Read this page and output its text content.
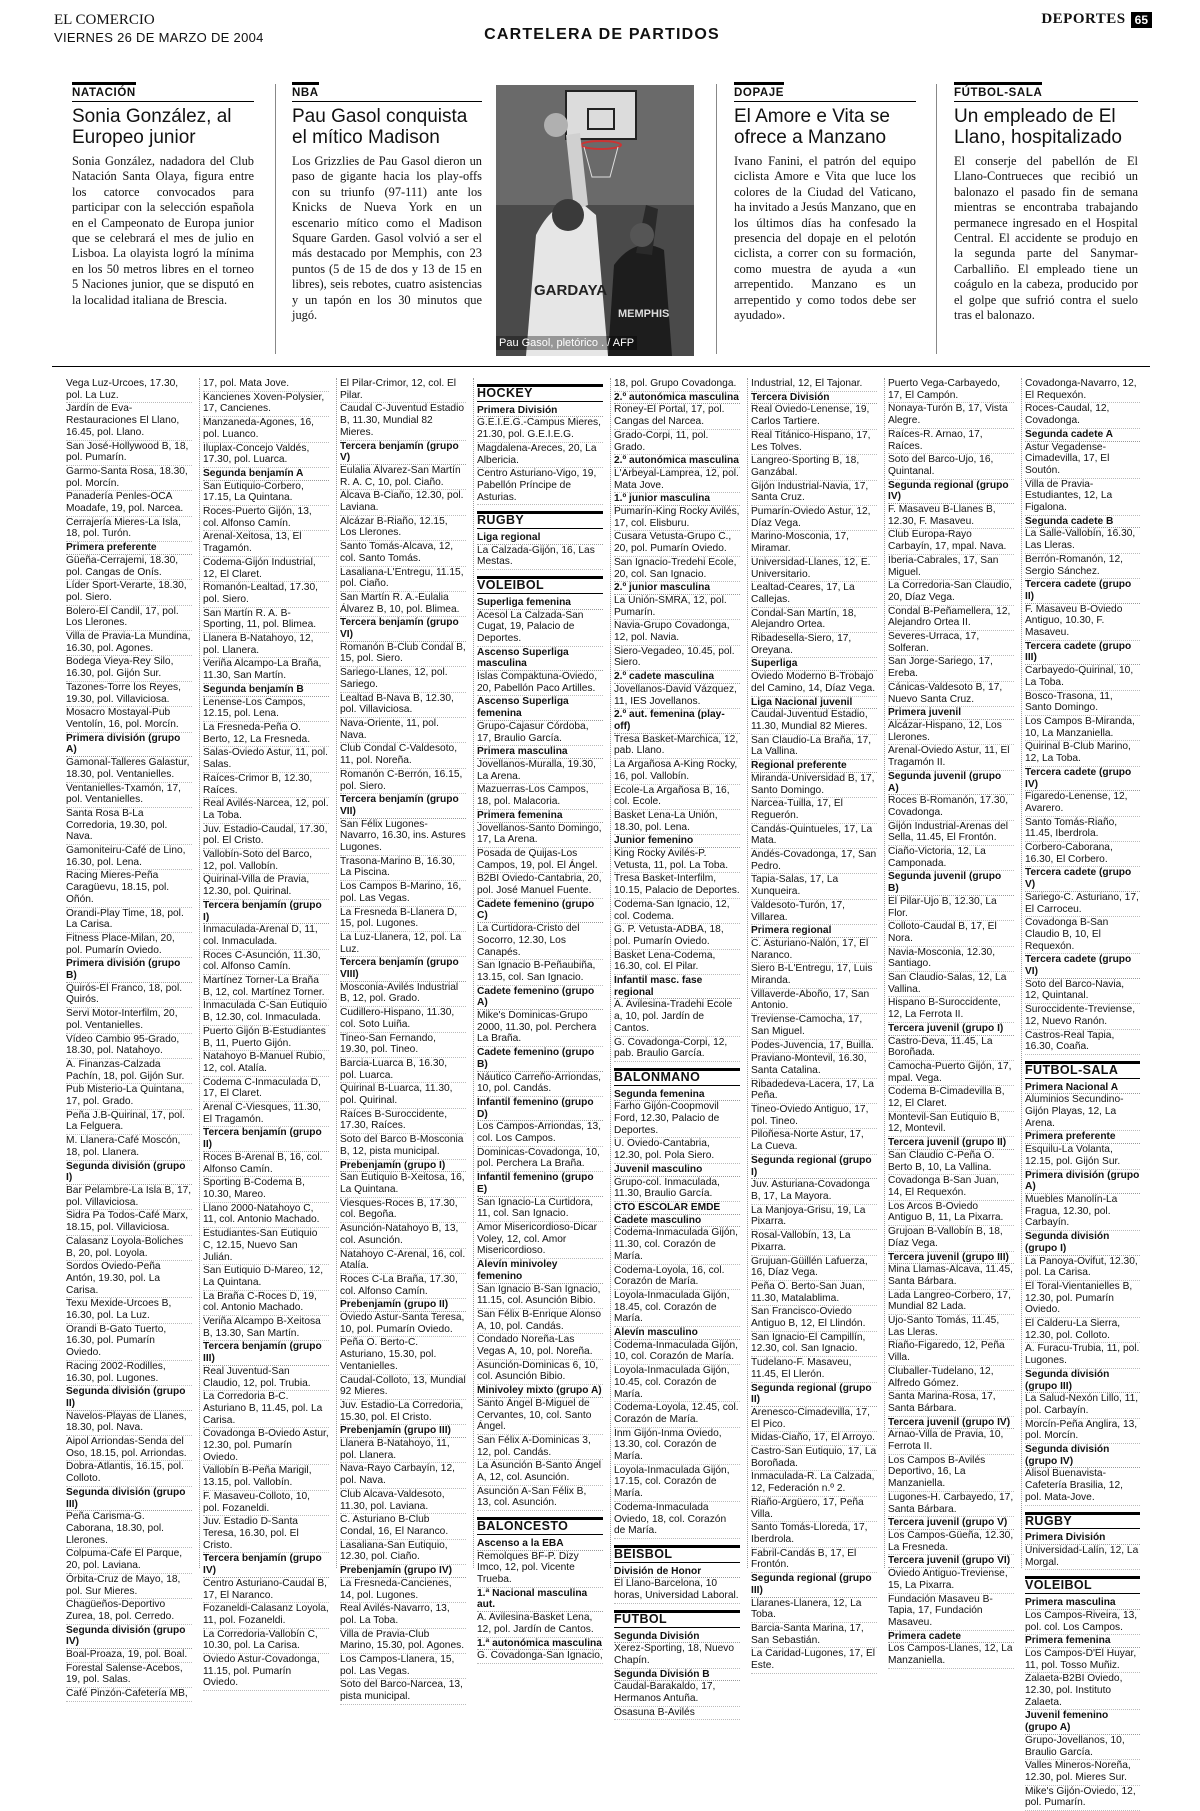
EL COMERCIO
VIERNES 26 DE MARZO DE 2004	CARTELERA DE PARTIDOS
DEPORTES 65
NATACIÓN
Sonia González, al Europeo junior

Sonia González, nadadora del Club Natación Santa Olaya, figura entre los catorce convocados para participar con la selección española en el Campeonato de Europa junior que se celebrará el mes de julio en Lisboa. La olayista logró la mínima en los 50 metros libres en el torneo 5 Naciones junior, que se disputó en la localidad italiana de Brescia.

NBA
Pau Gasol conquista el mítico Madison

Los Grizzlies de Pau Gasol dieron un paso de gigante hacia los play-offs con su triunfo (97-111) ante los Knicks de Nueva York en un escenario mítico como el Madison Square Garden. Gasol volvió a ser el más destacado por Memphis, con 23 puntos (5 de 15 de dos y 13 de 15 en libres), seis rebotes, cuatro asistencias y un tapón en los 30 minutos que jugó.

GARDAYA
MEMPHIS
Pau Gasol, pletórico . / AFP
DOPAJE
El Amore e Vita se ofrece a Manzano

Ivano Fanini, el patrón del equipo ciclista Amore e Vita que luce los colores de la Ciudad del Vaticano, ha invitado a Jesús Manzano, que en los últimos días ha confesado la presencia del dopaje en el pelotón ciclista, a correr con su formación, como muestra de ayuda a «un arrepentido. Manzano es un arrepentido y como todos debe ser ayudado».

FÚTBOL-SALA
Un empleado de El Llano, hospitalizado

El conserje del pabellón de El Llano-Contrueces que recibió un balonazo el pasado fin de semana mientras se encontraba trabajando permanece ingresado en el Hospital Central. El accidente se produjo en la segunda parte del Sanymar-Carballiño. El empleado tiene un coágulo en la cabeza, producido por el golpe que sufrió contra el suelo tras el balonazo.

Vega Luz-Urcoes, 17.30, pol. La Luz.
Jardín de Eva-Restauraciones El Llano, 16.45, pol. Llano.
San José-Hollywood B, 18, pol. Pumarín.
Garmo-Santa Rosa, 18.30, pol. Morcín.
Panadería Penles-OCA Moadafe, 19, pol. Narcea.
Cerrajería Mieres-La Isla, 18, pol. Turón.
Primera preferente
Güeña-Cerrajemi, 18.30, pol. Cangas de Onís.
Líder Sport-Verarte, 18.30, pol. Siero.
Bolero-El Candil, 17, pol. Los Llerones.
Villa de Pravia-La Mundina, 16.30, pol. Agones.
Bodega Vieya-Rey Silo, 16.30, pol. Gijón Sur.
Tazones-Torre los Reyes, 19.30, pol. Villaviciosa.
Mosacro Mostayal-Pub Ventolín, 16, pol. Morcín.
Primera división (grupo A)
Gamonal-Talleres Galastur, 18.30, pol. Ventanielles.
Ventanielles-Txamón, 17, pol. Ventanielles.
Santa Rosa B-La Corredoria, 19.30, pol. Nava.
Gamoniteiru-Café de Lino, 16.30, pol. Lena.
Racing Mieres-Peña Caragüevu, 18.15, pol. Oñón.
Orandi-Play Time, 18, pol. La Carisa.
Fitness Place-Milan, 20, pol. Pumarín Oviedo.
Primera división (grupo B)
Quirós-El Franco, 18, pol. Quirós.
Servi Motor-Interfilm, 20, pol. Ventanielles.
Vídeo Cambio 95-Grado, 18.30, pol. Natahoyo.
A. Finanzas-Calzada Pachín, 18, pol. Gijón Sur.
Pub Misterio-La Quintana, 17, pol. Grado.
Peña J.B-Quirinal, 17, pol. La Felguera.
M. Llanera-Café Moscón, 18, pol. Llanera.
Segunda división (grupo I)
Bar Pelambre-La Isla B, 17, pol. Villaviciosa.
Sidra Pa Todos-Café Marx, 18.15, pol. Villaviciosa.
Calasanz Loyola-Boliches B, 20, pol. Loyola.
Sordos Oviedo-Peña Antón, 19.30, pol. La Carisa.
Texu Mexide-Urcoes B, 16.30, pol. La Luz.
Orandi B-Gato Tuerto, 16.30, pol. Pumarín Oviedo.
Racing 2002-Rodilles, 16.30, pol. Lugones.
Segunda división (grupo II)
Navelos-Playas de Llanes, 18.30, pol. Nava.
Aipol Arriondas-Senda del Oso, 18.15, pol. Arriondas.
Dobra-Atlantis, 16.15, pol. Colloto.
Segunda división (grupo III)
Peña Carisma-G. Caborana, 18.30, pol. Llerones.
Colpuma-Cafe El Parque, 20, pol. Laviana.
Órbita-Cruz de Mayo, 18, pol. Sur Mieres.
Chagüeños-Deportivo Zurea, 18, pol. Cerredo.
Segunda división (grupo IV)
Boal-Proaza, 19, pol. Boal.
Forestal Salense-Acebos, 19, pol. Salas.
Café Pinzón-Cafetería MB,
17, pol. Mata Jove.
Kancienes Xoven-Polysier, 17, Cancienes.
Manzaneda-Agones, 16, pol. Luanco.
Iluplax-Concejo Valdés, 17.30, pol. Luarca.
Segunda benjamín A
San Eutiquio-Corbero, 17.15, La Quintana.
Roces-Puerto Gijón, 13, col. Alfonso Camín.
Arenal-Xeitosa, 13, El Tragamón.
Codema-Gijón Industrial, 12, El Claret.
Romanón-Lealtad, 17.30, pol. Siero.
San Martín R. A. B-Sporting, 11, pol. Blimea.
Llanera B-Natahoyo, 12, pol. Llanera.
Veriña Alcampo-La Braña, 11.30, San Martín.
Segunda benjamín B
Lenense-Los Campos, 12.15, pol. Lena.
La Fresneda-Peña O. Berto, 12, La Fresneda.
Salas-Oviedo Astur, 11, pol. Salas.
Raíces-Crimor B, 12.30, Raíces.
Real Avilés-Narcea, 12, pol. La Toba.
Juv. Estadio-Caudal, 17.30, pol. El Cristo.
Vallobín-Soto del Barco, 12, pol. Vallobín.
Quirinal-Villa de Pravia, 12.30, pol. Quirinal.
Tercera benjamín (grupo I)
Inmaculada-Arenal D, 11, col. Inmaculada.
Roces C-Asunción, 11.30, col. Alfonso Camín.
Martínez Torner-La Braña B, 12, col. Martínez Torner.
Inmaculada C-San Eutiquio B, 12.30, col. Inmaculada.
Puerto Gijón B-Estudiantes B, 11, Puerto Gijón.
Natahoyo B-Manuel Rubio, 12, col. Atalía.
Codema C-Inmaculada D, 17, El Claret.
Arenal C-Viesques, 11.30, El Tragamón.
Tercera benjamín (grupo II)
Roces B-Arenal B, 16, col. Alfonso Camín.
Sporting B-Codema B, 10.30, Mareo.
Llano 2000-Natahoyo C, 11, col. Antonio Machado.
Estudiantes-San Eutiquio C, 12.15, Nuevo San Julián.
San Eutiquio D-Mareo, 12, La Quintana.
La Braña C-Roces D, 19, col. Antonio Machado.
Veriña Alcampo B-Xeitosa B, 13.30, San Martín.
Tercera benjamín (grupo III)
Real Juventud-San Claudio, 12, pol. Trubia.
La Corredoria B-C. Asturiano B, 11.45, pol. La Carisa.
Covadonga B-Oviedo Astur, 12.30, pol. Pumarín Oviedo.
Vallobín B-Peña Marigil, 13.15, pol. Vallobín.
F. Masaveu-Colloto, 10, pol. Fozaneldi.
Juv. Estadio D-Santa Teresa, 16.30, pol. El Cristo.
Tercera benjamín (grupo IV)
Centro Asturiano-Caudal B, 17, El Naranco.
Fozaneldi-Calasanz Loyola, 11, pol. Fozaneldi.
La Corredoria-Vallobín C, 10.30, pol. La Carisa.
Oviedo Astur-Covadonga, 11.15, pol. Pumarín Oviedo.
El Pilar-Crimor, 12, col. El Pilar.
Caudal C-Juventud Estadio B, 11.30, Mundial 82 Mieres.
Tercera benjamín (grupo V)
Eulalia Álvarez-San Martín R. A. C, 10, pol. Ciaño.
Alcava B-Ciaño, 12.30, pol. Laviana.
Alcázar B-Riaño, 12.15, Los Llerones.
Santo Tomás-Alcava, 12, col. Santo Tomás.
Lasaliana-L'Entregu, 11.15, pol. Ciaño.
San Martín R. A.-Eulalia Álvarez B, 10, pol. Blimea.
Tercera benjamín (grupo VI)
Romanón B-Club Condal B, 15, pol. Siero.
Sariego-Llanes, 12, pol. Sariego.
Lealtad B-Nava B, 12.30, pol. Villaviciosa.
Nava-Oriente, 11, pol. Nava.
Club Condal C-Valdesoto, 11, pol. Noreña.
Romanón C-Berrón, 16.15, pol. Siero.
Tercera benjamín (grupo VII)
San Félix Lugones-Navarro, 16.30, ins. Astures Lugones.
Trasona-Marino B, 16.30, La Piscina.
Los Campos B-Marino, 16, pol. Las Vegas.
La Fresneda B-Llanera D, 15, pol. Lugones.
La Luz-Llanera, 12, pol. La Luz.
Tercera benjamín (grupo VIII)
Mosconia-Avilés Industrial B, 12, pol. Grado.
Cudillero-Hispano, 11.30, col. Soto Luiña.
Tineo-San Fernando, 19.30, pol. Tineo.
Barcia-Luarca B, 16.30, pol. Luarca.
Quirinal B-Luarca, 11.30, pol. Quirinal.
Raíces B-Suroccidente, 17.30, Raíces.
Soto del Barco B-Mosconia B, 12, pista municipal.
Prebenjamín (grupo I)
San Eutiquio B-Xeitosa, 16, La Quintana.
Viesques-Roces B, 17.30, col. Begoña.
Asunción-Natahoyo B, 13, col. Asunción.
Natahoyo C-Arenal, 16, col. Atalía.
Roces C-La Braña, 17.30, col. Alfonso Camín.
Prebenjamín (grupo II)
Oviedo Astur-Santa Teresa, 10, pol. Pumarín Oviedo.
Peña O. Berto-C. Asturiano, 15.30, pol. Ventanielles.
Caudal-Colloto, 13, Mundial 92 Mieres.
Juv. Estadio-La Corredoria, 15.30, pol. El Cristo.
Prebenjamín (grupo III)
Llanera B-Natahoyo, 11, pol. Llanera.
Nava-Rayo Carbayín, 12, pol. Nava.
Club Alcava-Valdesoto, 11.30, pol. Laviana.
C. Asturiano B-Club Condal, 16, El Naranco.
Lasaliana-San Eutiquio, 12.30, pol. Ciaño.
Prebenjamín (grupo IV)
La Fresneda-Cancienes, 14, pol. Lugones.
Real Avilés-Navarro, 13, pol. La Toba.
Villa de Pravia-Club Marino, 15.30, pol. Agones.
Los Campos-Llanera, 15, pol. Las Vegas.
Soto del Barco-Narcea, 13, pista municipal.
HOCKEY
Primera División
G.E.I.E.G.-Campus Mieres, 21.30, pol. G.E.I.E.G.
Magdalena-Areces, 20, La Albericia.
Centro Asturiano-Vigo, 19, Pabellón Príncipe de Asturias.
RUGBY
Liga regional
La Calzada-Gijón, 16, Las Mestas.
VOLEIBOL
Superliga femenina
Acesol La Calzada-San Cugat, 19, Palacio de Deportes.
Ascenso Superliga masculina
Islas Compaktuna-Oviedo, 20, Pabellón Paco Artilles.
Ascenso Superliga femenina
Grupo-Cajasur Córdoba, 17, Braulio García.
Primera masculina
Jovellanos-Muralla, 19.30, La Arena.
Mazuerras-Los Campos, 18, pol. Malacoria.
Primera femenina
Jovellanos-Santo Domingo, 17, La Arena.
Posada de Quijas-Los Campos, 19, pol. El Ángel.
B2BI Oviedo-Cantabria, 20, pol. José Manuel Fuente.
Cadete femenino (grupo C)
La Curtidora-Cristo del Socorro, 12.30, Los Canapés.
San Ignacio B-Peñaubiña, 13.15, col. San Ignacio.
Cadete femenino (grupo A)
Mike's Dominicas-Grupo 2000, 11.30, pol. Perchera La Braña.
Cadete femenino (grupo B)
Náutico Carreño-Arriondas, 10, pol. Candás.
Infantil femenino (grupo D)
Los Campos-Arriondas, 13, col. Los Campos.
Dominicas-Covadonga, 10, pol. Perchera La Braña.
Infantil femenino (grupo E)
San Ignacio-La Curtidora, 11, col. San Ignacio.
Amor Misericordioso-Dicar Voley, 12, col. Amor Misericordioso.
Alevín minivoley femenino
San Ignacio B-San Ignacio, 11.15, col. Asunción Bibio.
San Félix B-Enrique Alonso A, 10, pol. Candás.
Condado Noreña-Las Vegas A, 10, pol. Noreña.
Asunción-Dominicas 6, 10, col. Asunción Bibio.
Minivoley mixto (grupo A)
Santo Ángel B-Miguel de Cervantes, 10, col. Santo Ángel.
San Félix A-Dominicas 3, 12, pol. Candás.
La Asunción B-Santo Ángel A, 12, col. Asunción.
Asunción A-San Félix B, 13, col. Asunción.
BALONCESTO
Ascenso a la EBA
Remolques BF-P. Dizy Imco, 12, pol. Vicente Trueba.
1.ª Nacional masculina aut.
A. Avilesina-Basket Lena, 12, pol. Jardín de Cantos.
1.ª autonómica masculina
G. Covadonga-San Ignacio,
18, pol. Grupo Covadonga.
2.º autonómica masculina
Roney-El Portal, 17, pol. Cangas del Narcea.
Grado-Corpi, 11, pol. Grado.
2.º autonómica masculina
L'Arbeyal-Lamprea, 12, pol. Mata Jove.
1.º junior masculina
Pumarín-King Rocky Avilés, 17, col. Elisburu.
Cusara Vetusta-Grupo C., 20, pol. Pumarín Oviedo.
San Ignacio-Tredehi Ecole, 20, col. San Ignacio.
2.º junior masculina
La Unión-SMRA, 12, pol. Pumarín.
Navia-Grupo Covadonga, 12, pol. Navia.
Siero-Vegadeo, 10.45, pol. Siero.
2.º cadete masculina
Jovellanos-David Vázquez, 11, IES Jovellanos.
2.º aut. femenina (play-off)
Tresa Basket-Marchica, 12, pab. Llano.
La Argañosa A-King Rocky, 16, pol. Vallobín.
Ecole-La Argañosa B, 16, col. Ecole.
Basket Lena-La Unión, 18.30, pol. Lena.
Junior femenino
King Rocky Avilés-P. Vetusta, 11, pol. La Toba.
Tresa Basket-Interfilm, 10.15, Palacio de Deportes.
Codema-San Ignacio, 12, col. Codema.
G. P. Vetusta-ADBA, 18, pol. Pumarín Oviedo.
Basket Lena-Codema, 16.30, col. El Pilar.
Infantil masc. fase regional
A. Avilesina-Tradehi Ecole a, 10, pol. Jardín de Cantos.
G. Covadonga-Corpi, 12, pab. Braulio García.
BALONMANO
Segunda femenina
Farho Gijón-Coopmovil Ford, 12.30, Palacio de Deportes.
U. Oviedo-Cantabria, 12.30, pol. Pola Siero.
Juvenil masculino
Grupo-col. Inmaculada, 11.30, Braulio García.
CTO ESCOLAR EMDE
Cadete masculino
Codema-Inmaculada Gijón, 11.30, col. Corazón de María.
Codema-Loyola, 16, col. Corazón de María.
Loyola-Inmaculada Gijón, 18.45, col. Corazón de María.
Alevín masculino
Codema-Inmaculada Gijón, 10, col. Corazón de María.
Loyola-Inmaculada Gijón, 10.45, col. Corazón de María.
Codema-Loyola, 12.45, col. Corazón de María.
Inm Gijón-Inma Oviedo, 13.30, col. Corazón de María.
Loyola-Inmaculada Gijón, 17.15, col. Corazón de María.
Codema-Inmaculada Oviedo, 18, col. Corazón de María.
BÉISBOL
División de Honor
El Llano-Barcelona, 10 horas, Universidad Laboral.
FÚTBOL
Segunda División
Xerez-Sporting, 18, Nuevo Chapín.
Segunda División B
Caudal-Barakaldo, 17, Hermanos Antuña.
Osasuna B-Avilés
Industrial, 12, El Tajonar.
Tercera División
Real Oviedo-Lenense, 19, Carlos Tartiere.
Real Titánico-Hispano, 17, Les Tolves.
Langreo-Sporting B, 18, Ganzábal.
Gijón Industrial-Navia, 17, Santa Cruz.
Pumarín-Oviedo Astur, 12, Díaz Vega.
Marino-Mosconia, 17, Miramar.
Universidad-Llanes, 12, E. Universitario.
Lealtad-Ceares, 17, La Callejas.
Condal-San Martín, 18, Alejandro Ortea.
Ribadesella-Siero, 17, Oreyana.
Superliga
Oviedo Moderno B-Trobajo del Camino, 14, Díaz Vega.
Liga Nacional juvenil
Caudal-Juventud Estadio, 11.30, Mundial 82 Mieres.
San Claudio-La Braña, 17, La Vallina.
Regional preferente
Miranda-Universidad B, 17, Santo Domingo.
Narcea-Tuilla, 17, El Reguerón.
Candás-Quintueles, 17, La Mata.
Andés-Covadonga, 17, San Pedro.
Tapia-Salas, 17, La Xunqueira.
Valdesoto-Turón, 17, Villarea.
Primera regional
C. Asturiano-Nalón, 17, El Naranco.
Siero B-L'Entregu, 17, Luis Miranda.
Villaverde-Aboño, 17, San Antonio.
Treviense-Camocha, 17, San Miguel.
Podes-Juvencia, 17, Builla.
Praviano-Montevil, 16.30, Santa Catalina.
Ribadedeva-Lacera, 17, La Peña.
Tineo-Oviedo Antiguo, 17, pol. Tineo.
Piloñesa-Norte Astur, 17, La Cueva.
Segunda regional (grupo I)
Juv. Asturiana-Covadonga B, 17, La Mayora.
La Manjoya-Grisu, 19, La Pixarra.
Rosal-Vallobín, 13, La Pixarra.
Grujuan-Güillén Lafuerza, 16, Díaz Vega.
Peña O. Berto-San Juan, 11.30, Matalablima.
San Francisco-Oviedo Antiguo B, 12, El Llindón.
San Ignacio-El Campillín, 12.30, col. San Ignacio.
Tudelano-F. Masaveu, 11.45, El Llerón.
Segunda regional (grupo II)
Arenesco-Cimadevilla, 17, El Pico.
Midas-Ciaño, 17, El Arroyo.
Castro-San Eutiquio, 17, La Boroñada.
Inmaculada-R. La Calzada, 12, Federación n.º 2.
Riaño-Argüero, 17, Peña Villa.
Santo Tomás-Lloreda, 17, Iberdrola.
Fabril-Candás B, 17, El Frontón.
Segunda regional (grupo III)
Llaranes-Llanera, 12, La Toba.
Barcia-Santa Marina, 17, San Sebastián.
La Caridad-Lugones, 17, El Este.
Puerto Vega-Carbayedo, 17, El Campón.
Nonaya-Turón B, 17, Vista Alegre.
Raíces-R. Arnao, 17, Raíces.
Soto del Barco-Ujo, 16, Quintanal.
Segunda regional (grupo IV)
F. Masaveu B-Llanes B, 12.30, F. Masaveu.
Club Europa-Rayo Carbayín, 17, mpal. Nava.
Iberia-Cabrales, 17, San Miguel.
La Corredoria-San Claudio, 20, Díaz Vega.
Condal B-Peñamellera, 12, Alejandro Ortea II.
Severes-Urraca, 17, Solferan.
San Jorge-Sariego, 17, Ereba.
Cánicas-Valdesoto B, 17, Nuevo Santa Cruz.
Primera juvenil
Alcázar-Hispano, 12, Los Llerones.
Arenal-Oviedo Astur, 11, El Tragamón II.
Segunda juvenil (grupo A)
Roces B-Romanón, 17.30, Covadonga.
Gijón Industrial-Arenas del Sella, 11.45, El Frontón.
Ciaño-Victoria, 12, La Camponada.
Segunda juvenil (grupo B)
El Pilar-Ujo B, 12.30, La Flor.
Colloto-Caudal B, 17, El Nora.
Navia-Mosconia, 12.30, Santiago.
San Claudio-Salas, 12, La Vallina.
Hispano B-Suroccidente, 12, La Ferrota II.
Tercera juvenil (grupo I)
Castro-Deva, 11.45, La Boroñada.
Camocha-Puerto Gijón, 17, mpal. Vega.
Codema B-Cimadevilla B, 12, El Claret.
Montevil-San Eutiquio B, 12, Montevil.
Tercera juvenil (grupo II)
San Claudio C-Peña O. Berto B, 10, La Vallina.
Covadonga B-San Juan, 14, El Requexón.
Los Arcos B-Oviedo Antiguo B, 11, La Pixarra.
Grujoan B-Vallobín B, 18, Díaz Vega.
Tercera juvenil (grupo III)
Mina Llamas-Alcava, 11.45, Santa Bárbara.
Lada Langreo-Corbero, 17, Mundial 82 Lada.
Ujo-Santo Tomás, 11.45, Las Lleras.
Riaño-Figaredo, 12, Peña Villa.
Cluballer-Tudelano, 12, Alfredo Gómez.
Santa Marina-Rosa, 17, Santa Bárbara.
Tercera juvenil (grupo IV)
Arnao-Villa de Pravia, 10, Ferrota II.
Los Campos B-Avilés Deportivo, 16, La Manzaniella.
Lugones-H. Carbayedo, 17, Santa Bárbara.
Tercera juvenil (grupo V)
Los Campos-Güeña, 12.30, La Fresneda.
Tercera juvenil (grupo VI)
Oviedo Antiguo-Treviense, 15, La Pixarra.
Fundación Masaveu B-Tapia, 17, Fundación Masaveu.
Primera cadete
Los Campos-Llanes, 12, La Manzaniella.
Covadonga-Navarro, 12, El Requexón.
Roces-Caudal, 12, Covadonga.
Segunda cadete A
Astur Vegadense-Cimadevilla, 17, El Soutón.
Villa de Pravia-Estudiantes, 12, La Figalona.
Segunda cadete B
La Salle-Vallobín, 16.30, Las Lleras.
Berrón-Romanón, 12, Sergio Sánchez.
Tercera cadete (grupo II)
F. Masaveu B-Oviedo Antiguo, 10.30, F. Masaveu.
Tercera cadete (grupo III)
Carbayedo-Quirinal, 10, La Toba.
Bosco-Trasona, 11, Santo Domingo.
Los Campos B-Miranda, 10, La Manzaniella.
Quirinal B-Club Marino, 12, La Toba.
Tercera cadete (grupo IV)
Figaredo-Lenense, 12, Avarero.
Santo Tomás-Riaño, 11.45, Iberdrola.
Corbero-Caborana, 16.30, El Corbero.
Tercera cadete (grupo V)
Sariego-C. Asturiano, 17, El Carroceu.
Covadonga B-San Claudio B, 10, El Requexón.
Tercera cadete (grupo VI)
Soto del Barco-Navia, 12, Quintanal.
Suroccidente-Treviense, 12, Nuevo Ranón.
Castros-Real Tapia, 16.30, Coaña.
FÚTBOL-SALA
Primera Nacional A
Aluminios Secundino-Gijón Playas, 12, La Arena.
Primera preferente
Esquilu-La Volanta, 12.15, pol. Gijón Sur.
Primera división (grupo A)
Muebles Manolín-La Fragua, 12.30, pol. Carbayín.
Segunda división (grupo I)
La Panoya-Ovifut, 12.30, pol. La Carisa.
El Toral-Vientanielles B, 12.30, pol. Pumarín Oviedo.
El Calderu-La Sierra, 12.30, pol. Colloto.
A. Furacu-Trubia, 11, pol. Lugones.
Segunda división (grupo III)
La Salud-Nexón Lillo, 11, pol. Carbayín.
Morcín-Peña Anglira, 13, pol. Morcín.
Segunda división (grupo IV)
Alisol Buenavista-Cafetería Brasilia, 12, pol. Mata-Jove.
RUGBY
Primera División
Universidad-Lalín, 12, La Morgal.
VOLEIBOL
Primera masculina
Los Campos-Riveira, 13, pol. col. Los Campos.
Primera femenina
Los Campos-D'El Huyar, 11, pol. Tosso Muñiz.
Zalaeta-B2BI Oviedo, 12.30, pol. Instituto Zalaeta.
Juvenil femenino (grupo A)
Grupo-Jovellanos, 10, Braulio García.
Valles Mineros-Noreña, 12.30, pol. Mieres Sur.
Mike's Gijón-Oviedo, 12, pol. Pumarín.
